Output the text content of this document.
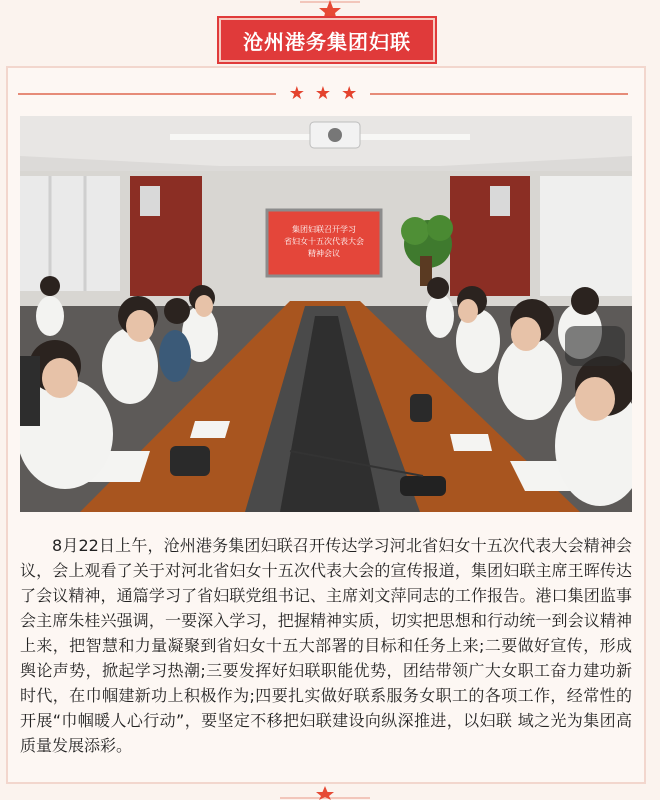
沧州港务集团妇联
★ ★ ★
集团妇联召开学习
省妇女十五次代表大会
精神会议

8月22日上午，沧州港务集团妇联召开传达学习河北省妇女十五次代表大会精神会议，会上观看了关于对河北省妇女十五次代表大会的宣传报道，集团妇联主席王晖传达了会议精神，通篇学习了省妇联党组书记、主席刘文萍同志的工作报告。港口集团监事会主席朱桂兴强调，一要深入学习，把握精神实质，切实把思想和行动统一到会议精神上来，把智慧和力量凝聚到省妇女十五大部署的目标和任务上来;二要做好宣传，形成舆论声势，掀起学习热潮;三要发挥好妇联职能优势，团结带领广大女职工奋力建功新时代，在巾帼建新功上积极作为;四要扎实做好联系服务女职工的各项工作，经常性的开展“巾帼暖人心行动”，要坚定不移把妇联建设向纵深推进，以妇联 域之光为集团高质量发展添彩。
